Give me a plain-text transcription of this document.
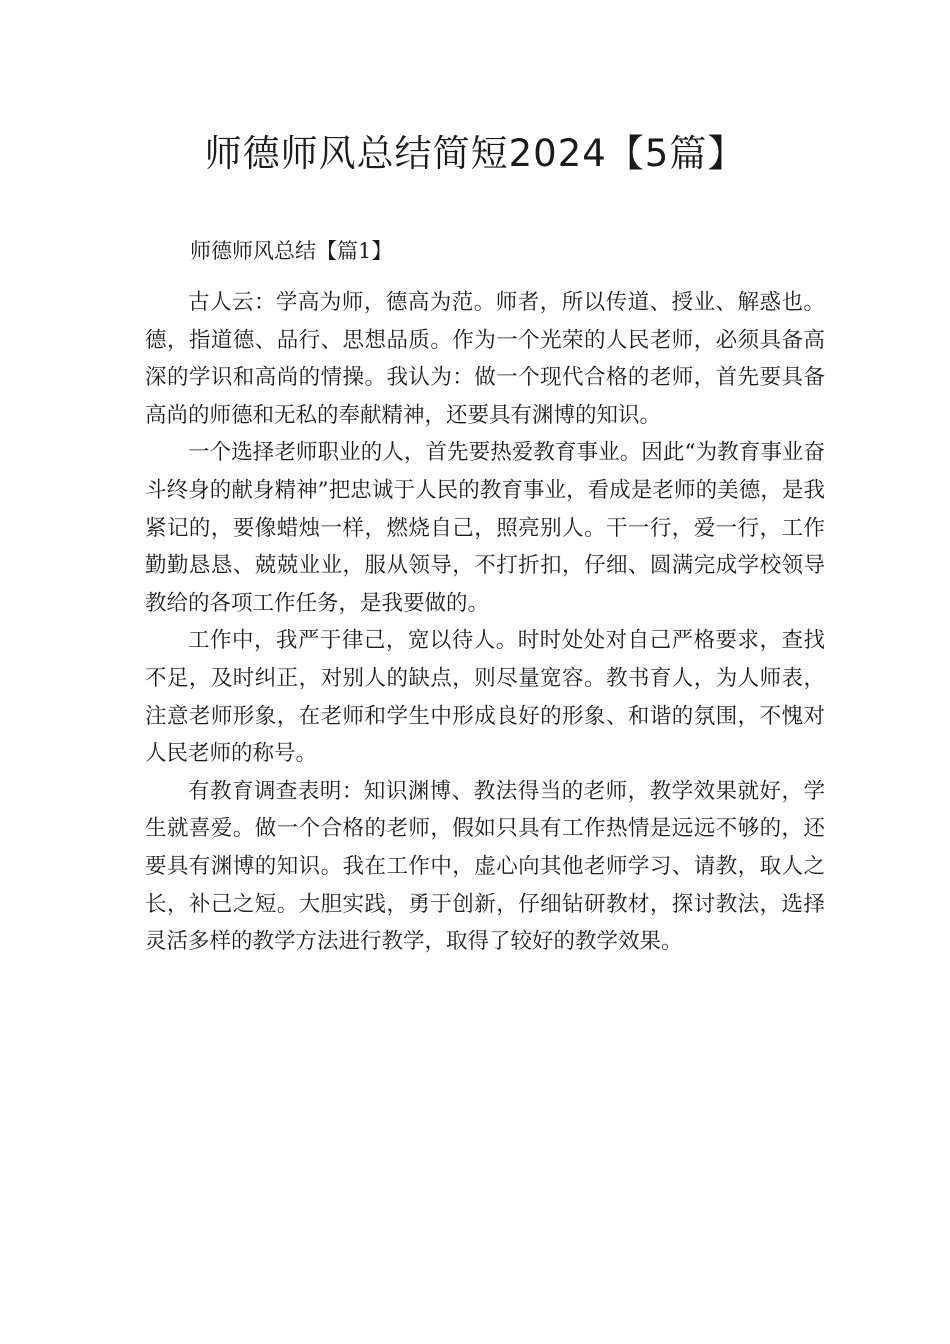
师德师风总结简短2024【5篇】
师德师风总结【篇1】

古人云：学高为师，德高为范。师者，所以传道、授业、解惑也。德，指道德、品行、思想品质。作为一个光荣的人民老师，必须具备高深的学识和高尚的情操。我认为：做一个现代合格的老师，首先要具备高尚的师德和无私的奉献精神，还要具有渊博的知识。

一个选择老师职业的人，首先要热爱教育事业。因此“为教育事业奋斗终身的献身精神”把忠诚于人民的教育事业，看成是老师的美德，是我紧记的，要像蜡烛一样，燃烧自己，照亮别人。干一行，爱一行，工作勤勤恳恳、兢兢业业，服从领导，不打折扣，仔细、圆满完成学校领导教给的各项工作任务，是我要做的。

工作中，我严于律己，宽以待人。时时处处对自己严格要求，查找不足，及时纠正，对别人的缺点，则尽量宽容。教书育人，为人师表，注意老师形象，在老师和学生中形成良好的形象、和谐的氛围，不愧对人民老师的称号。

有教育调查表明：知识渊博、教法得当的老师，教学效果就好，学生就喜爱。做一个合格的老师，假如只具有工作热情是远远不够的，还要具有渊博的知识。我在工作中，虚心向其他老师学习、请教，取人之长，补己之短。大胆实践，勇于创新，仔细钻研教材，探讨教法，选择灵活多样的教学方法进行教学，取得了较好的教学效果。
